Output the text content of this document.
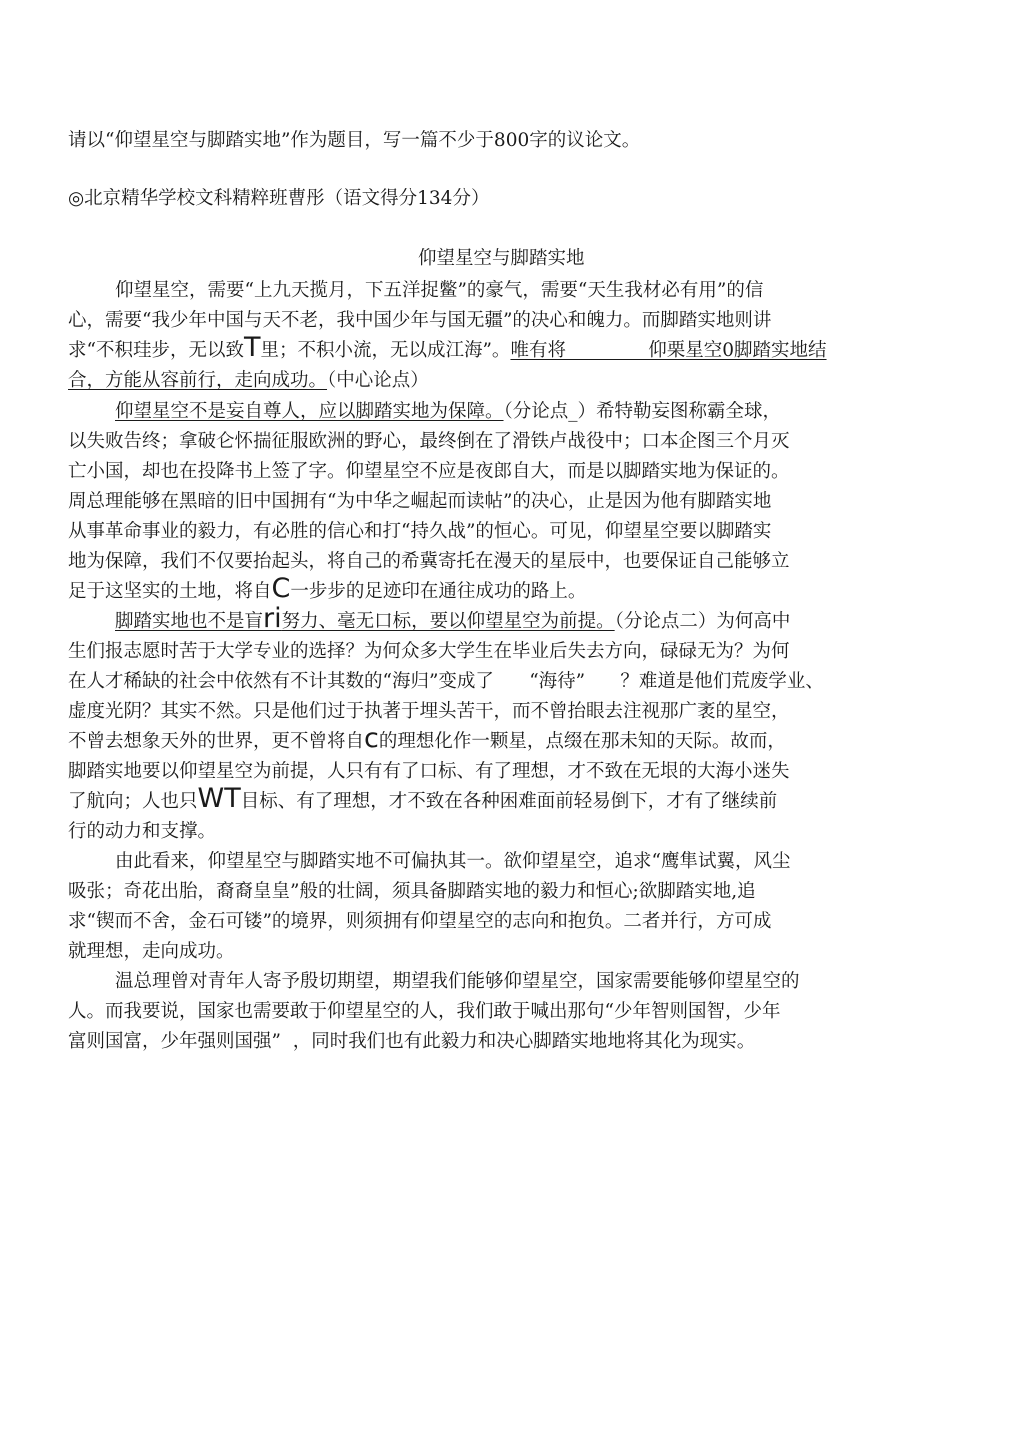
请以“仰望星空与脚踏实地”作为题目，写一篇不少于800字的议论文。

◎北京精华学校文科精粹班曹彤（语文得分134分）

仰望星空与脚踏实地

仰望星空，需要“上九天揽月，下五洋捉鳖”的豪气，需要“天生我材必有用”的信

心，需要“我少年中国与天不老，我中国少年与国无疆”的决心和魄力。而脚踏实地则讲

求“不积珪步，无以致T里；不积小流，无以成江海”。唯有将              仰栗星空0脚踏实地结

合，方能从容前行，走向成功。（中心论点）

仰望星空不是妄自尊人，应以脚踏实地为保障。（分论点_）希特勒妄图称霸全球，

以失败告终；拿破仑怀揣征服欧洲的野心，最终倒在了滑铁卢战役中；口本企图三个月灭

亡小国，却也在投降书上签了字。仰望星空不应是夜郎自大，而是以脚踏实地为保证的。

周总理能够在黑暗的旧中国拥有“为中华之崛起而读帖”的决心，止是因为他有脚踏实地

从事革命事业的毅力，有必胜的信心和打“持久战”的恒心。可见，仰望星空要以脚踏实

地为保障，我们不仅要抬起头，将自己的希冀寄托在漫天的星辰中，也要保证自己能够立

足于这坚实的土地，将自C一步步的足迹印在通往成功的路上。

脚踏实地也不是盲ri努力、毫无口标，要以仰望星空为前提。（分论点二）为何高中

生们报志愿时苦于大学专业的选择？为何众多大学生在毕业后失去方向，碌碌无为？为何

在人才稀缺的社会中依然有不计其数的“海归”变成了      “海待”      ？难道是他们荒废学业、

虚度光阴？其实不然。只是他们过于执著于埋头苦干，而不曾抬眼去注视那广袤的星空，

不曾去想象天外的世界，更不曾将自c的理想化作一颗星，点缀在那未知的天际。故而，

脚踏实地要以仰望星空为前提，人只有有了口标、有了理想，才不致在无垠的大海小迷失

了航向；人也只WT目标、有了理想，才不致在各种困难面前轻易倒下，才有了继续前

行的动力和支撑。

由此看来，仰望星空与脚踏实地不可偏执其一。欲仰望星空，追求“鹰隼试翼，风尘

吸张；奇花出胎，裔裔皇皇”般的壮阔，须具备脚踏实地的毅力和恒心;欲脚踏实地,追

求“锲而不舍，金石可镂”的境界，则须拥有仰望星空的志向和抱负。二者并行，方可成

就理想，走向成功。

温总理曾对青年人寄予殷切期望，期望我们能够仰望星空，国家需要能够仰望星空的

人。而我要说，国家也需要敢于仰望星空的人，我们敢于喊出那句“少年智则国智，少年

富则国富，少年强则国强”  ，同时我们也有此毅力和决心脚踏实地地将其化为现实。
